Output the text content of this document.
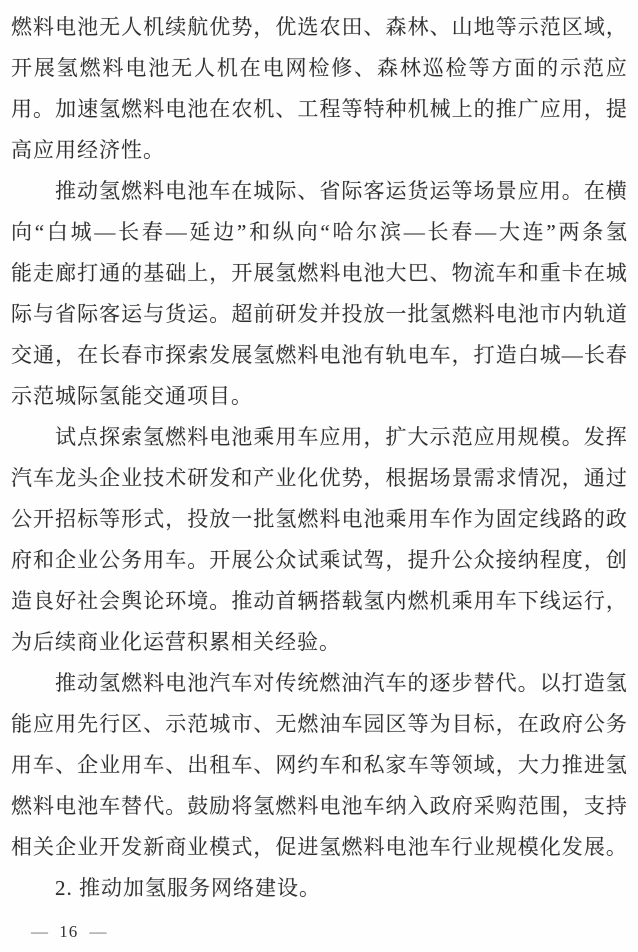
燃 料 电 池 无 人 机 续 航 优 势 ， 优 选 农 田 、 森 林 、 山 地 等 示 范 区 域 ，
开 展 氢 燃 料 电 池 无 人 机 在 电 网 检 修 、 森 林 巡 检 等 方 面 的 示 范 应
用 。 加 速 氢 燃 料 电 池 在 农 机 、 工 程 等 特 种 机 械 上 的 推 广 应 用 ， 提
高应用经济性。
推 动 氢 燃 料 电 池 车 在 城 际 、 省 际 客 运 货 运 等 场 景 应 用 。 在 横
向 “ 白 城 — 长 春 — 延 边 ” 和 纵 向 “ 哈 尔 滨 — 长 春 — 大 连 ” 两 条 氢
能 走 廊 打 通 的 基 础 上 ， 开 展 氢 燃 料 电 池 大 巴 、 物 流 车 和 重 卡 在 城
际 与 省 际 客 运 与 货 运 。 超 前 研 发 并 投 放 一 批 氢 燃 料 电 池 市 内 轨 道
交 通 ， 在 长 春 市 探 索 发 展 氢 燃 料 电 池 有 轨 电 车 ， 打 造 白 城 — 长 春
示范城际氢能交通项目。
试 点 探 索 氢 燃 料 电 池 乘 用 车 应 用 ， 扩 大 示 范 应 用 规 模 。 发 挥
汽 车 龙 头 企 业 技 术 研 发 和 产 业 化 优 势 ， 根 据 场 景 需 求 情 况 ， 通 过
公 开 招 标 等 形 式 ， 投 放 一 批 氢 燃 料 电 池 乘 用 车 作 为 固 定 线 路 的 政
府 和 企 业 公 务 用 车 。 开 展 公 众 试 乘 试 驾 ， 提 升 公 众 接 纳 程 度 ， 创
造 良 好 社 会 舆 论 环 境 。 推 动 首 辆 搭 载 氢 内 燃 机 乘 用 车 下 线 运 行 ，
为后续商业化运营积累相关经验。
推 动 氢 燃 料 电 池 汽 车 对 传 统 燃 油 汽 车 的 逐 步 替 代 。 以 打 造 氢
能 应 用 先 行 区 、 示 范 城 市 、 无 燃 油 车 园 区 等 为 目 标 ， 在 政 府 公 务
用 车 、 企 业 用 车 、 出 租 车 、 网 约 车 和 私 家 车 等 领 域 ， 大 力 推 进 氢
燃 料 电 池 车 替 代 。 鼓 励 将 氢 燃 料 电 池 车 纳 入 政 府 采 购 范 围 ， 支 持
相 关 企 业 开 发 新 商 业 模 式 ， 促 进 氢 燃 料 电 池 车 行 业 规 模 化 发 展 。
2. 推动加氢服务网络建设。
— 16 —
